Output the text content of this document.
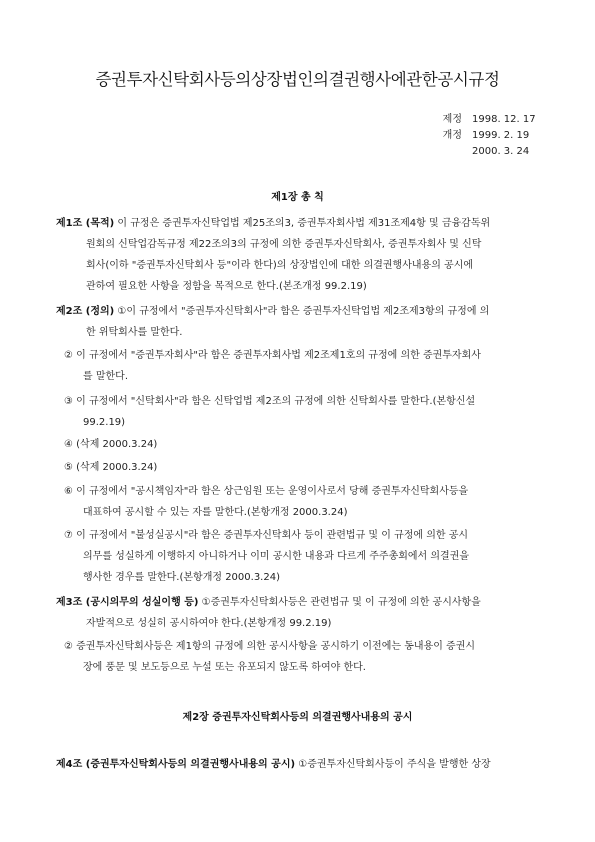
증권투자신탁회사등의상장법인의결권행사에관한공시규정
제정 1998. 12. 17
개정 1999. 2. 19
2000. 3. 24
제1장 총 칙
제1조 (목적) 이 규정은 증권투자신탁업법 제25조의3, 증권투자회사법 제31조제4항 및 금융감독위
원회의 신탁업감독규정 제22조의3의 규정에 의한 증권투자신탁회사, 증권투자회사 및 신탁
회사(이하 "증권투자신탁회사 등"이라 한다)의 상장법인에 대한 의결권행사내용의 공시에
관하여 필요한 사항을 정함을 목적으로 한다.(본조개정 99.2.19)
제2조 (정의) ①이 규정에서 "증권투자신탁회사"라 함은 증권투자신탁업법 제2조제3항의 규정에 의
한 위탁회사를 말한다.
② 이 규정에서 "증권투자회사"라 함은 증권투자회사법 제2조제1호의 규정에 의한 증권투자회사
를 말한다.
③ 이 규정에서 "신탁회사"라 함은 신탁업법 제2조의 규정에 의한 신탁회사를 말한다.(본항신설
99.2.19)
④ (삭제 2000.3.24)
⑤ (삭제 2000.3.24)
⑥ 이 규정에서 "공시책임자"라 함은 상근임원 또는 운영이사로서 당해 증권투자신탁회사등을
대표하여 공시할 수 있는 자를 말한다.(본항개정 2000.3.24)
⑦ 이 규정에서 "불성실공시"라 함은 증권투자신탁회사 등이 관련법규 및 이 규정에 의한 공시
의무를 성실하게 이행하지 아니하거나 이미 공시한 내용과 다르게 주주총회에서 의결권을
행사한 경우를 말한다.(본항개정 2000.3.24)
제3조 (공시의무의 성실이행 등) ①증권투자신탁회사등은 관련법규 및 이 규정에 의한 공시사항을
자발적으로 성실히 공시하여야 한다.(본항개정 99.2.19)
② 증권투자신탁회사등은 제1항의 규정에 의한 공시사항을 공시하기 이전에는 동내용이 증권시
장에 풍문 및 보도등으로 누설 또는 유포되지 않도록 하여야 한다.
제2장 증권투자신탁회사등의 의결권행사내용의 공시
제4조 (증권투자신탁회사등의 의결권행사내용의 공시) ①증권투자신탁회사등이 주식을 발행한 상장
